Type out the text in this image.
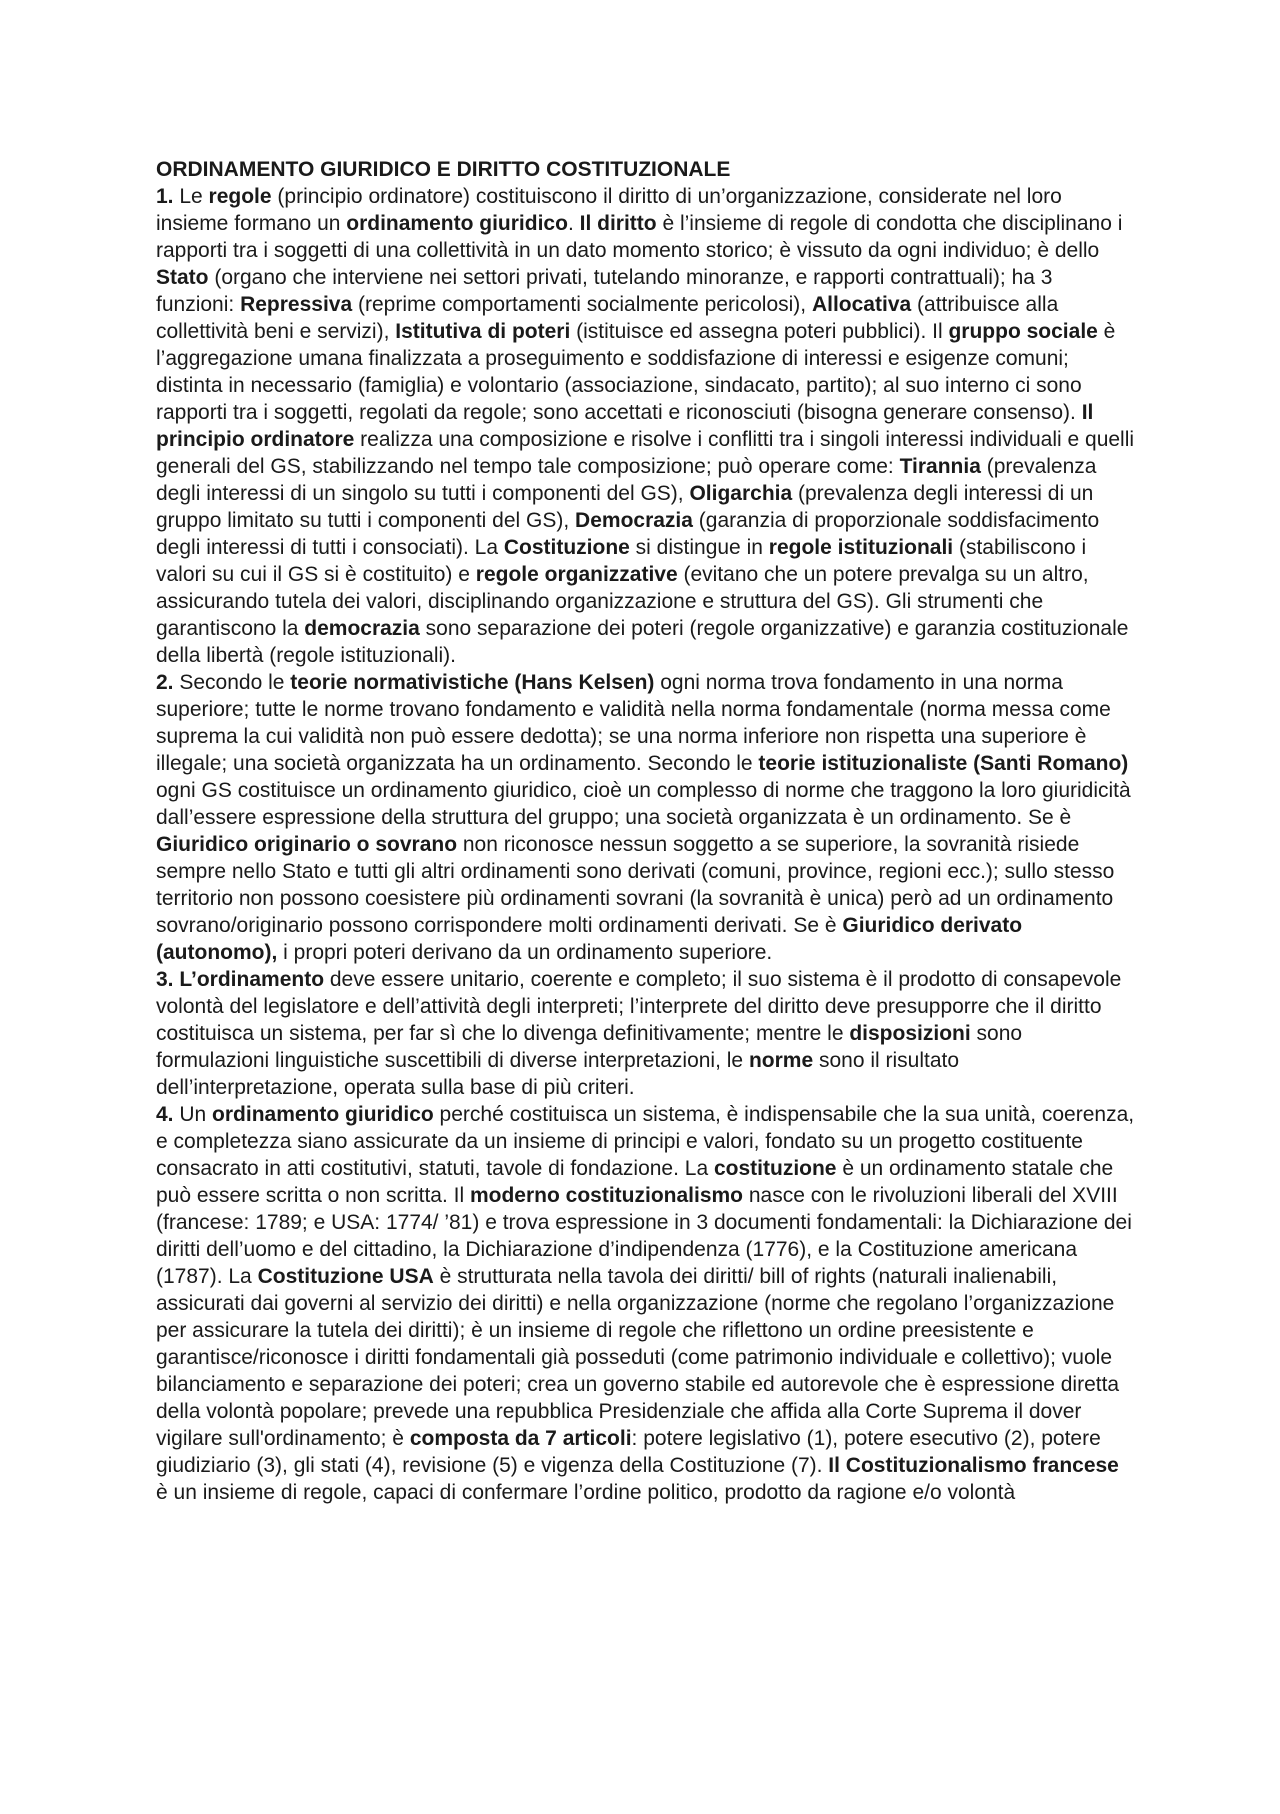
ORDINAMENTO GIURIDICO E DIRITTO COSTITUZIONALE

1. Le regole (principio ordinatore) costituiscono il diritto di un’organizzazione, considerate nel loro insieme formano un ordinamento giuridico. Il diritto è l’insieme di regole di condotta che disciplinano i rapporti tra i soggetti di una collettività in un dato momento storico; è vissuto da ogni individuo; è dello Stato (organo che interviene nei settori privati, tutelando minoranze, e rapporti contrattuali); ha 3 funzioni: Repressiva (reprime comportamenti socialmente pericolosi), Allocativa (attribuisce alla collettività beni e servizi), Istitutiva di poteri (istituisce ed assegna poteri pubblici). Il gruppo sociale è l’aggregazione umana finalizzata a proseguimento e soddisfazione di interessi e esigenze comuni; distinta in necessario (famiglia) e volontario (associazione, sindacato, partito); al suo interno ci sono rapporti tra i soggetti, regolati da regole; sono accettati e riconosciuti (bisogna generare consenso). Il principio ordinatore realizza una composizione e risolve i conflitti tra i singoli interessi individuali e quelli generali del GS, stabilizzando nel tempo tale composizione; può operare come: Tirannia (prevalenza degli interessi di un singolo su tutti i componenti del GS), Oligarchia (prevalenza degli interessi di un gruppo limitato su tutti i componenti del GS), Democrazia (garanzia di proporzionale soddisfacimento degli interessi di tutti i consociati). La Costituzione si distingue in regole istituzionali (stabiliscono i valori su cui il GS si è costituito) e regole organizzative (evitano che un potere prevalga su un altro, assicurando tutela dei valori, disciplinando organizzazione e struttura del GS). Gli strumenti che garantiscono la democrazia sono separazione dei poteri (regole organizzative) e garanzia costituzionale della libertà (regole istituzionali).

2. Secondo le teorie normativistiche (Hans Kelsen) ogni norma trova fondamento in una norma superiore; tutte le norme trovano fondamento e validità nella norma fondamentale (norma messa come suprema la cui validità non può essere dedotta); se una norma inferiore non rispetta una superiore è illegale; una società organizzata ha un ordinamento. Secondo le teorie istituzionaliste (Santi Romano) ogni GS costituisce un ordinamento giuridico, cioè un complesso di norme che traggono la loro giuridicità dall’essere espressione della struttura del gruppo; una società organizzata è un ordinamento. Se è Giuridico originario o sovrano non riconosce nessun soggetto a se superiore, la sovranità risiede sempre nello Stato e tutti gli altri ordinamenti sono derivati (comuni, province, regioni ecc.); sullo stesso territorio non possono coesistere più ordinamenti sovrani (la sovranità è unica) però ad un ordinamento sovrano/originario possono corrispondere molti ordinamenti derivati. Se è Giuridico derivato (autonomo), i propri poteri derivano da un ordinamento superiore.

3. L’ordinamento deve essere unitario, coerente e completo; il suo sistema è il prodotto di consapevole volontà del legislatore e dell’attività degli interpreti; l’interprete del diritto deve presupporre che il diritto costituisca un sistema, per far sì che lo divenga definitivamente; mentre le disposizioni sono formulazioni linguistiche suscettibili di diverse interpretazioni, le norme sono il risultato dell’interpretazione, operata sulla base di più criteri.

4. Un ordinamento giuridico perché costituisca un sistema, è indispensabile che la sua unità, coerenza, e completezza siano assicurate da un insieme di principi e valori, fondato su un progetto costituente consacrato in atti costitutivi, statuti, tavole di fondazione. La costituzione è un ordinamento statale che può essere scritta o non scritta. Il moderno costituzionalismo nasce con le rivoluzioni liberali del XVIII (francese: 1789; e USA: 1774/ ’81) e trova espressione in 3 documenti fondamentali: la Dichiarazione dei diritti dell’uomo e del cittadino, la Dichiarazione d’indipendenza (1776), e la Costituzione americana (1787). La Costituzione USA è strutturata nella tavola dei diritti/ bill of rights (naturali inalienabili, assicurati dai governi al servizio dei diritti) e nella organizzazione (norme che regolano l’organizzazione per assicurare la tutela dei diritti); è un insieme di regole che riflettono un ordine preesistente e garantisce/riconosce i diritti fondamentali già posseduti (come patrimonio individuale e collettivo); vuole bilanciamento e separazione dei poteri; crea un governo stabile ed autorevole che è espressione diretta della volontà popolare; prevede una repubblica Presidenziale che affida alla Corte Suprema il dover vigilare sull'ordinamento; è composta da 7 articoli: potere legislativo (1), potere esecutivo (2), potere giudiziario (3), gli stati (4), revisione (5) e vigenza della Costituzione (7). Il Costituzionalismo francese è un insieme di regole, capaci di confermare l’ordine politico, prodotto da ragione e/o volontà
